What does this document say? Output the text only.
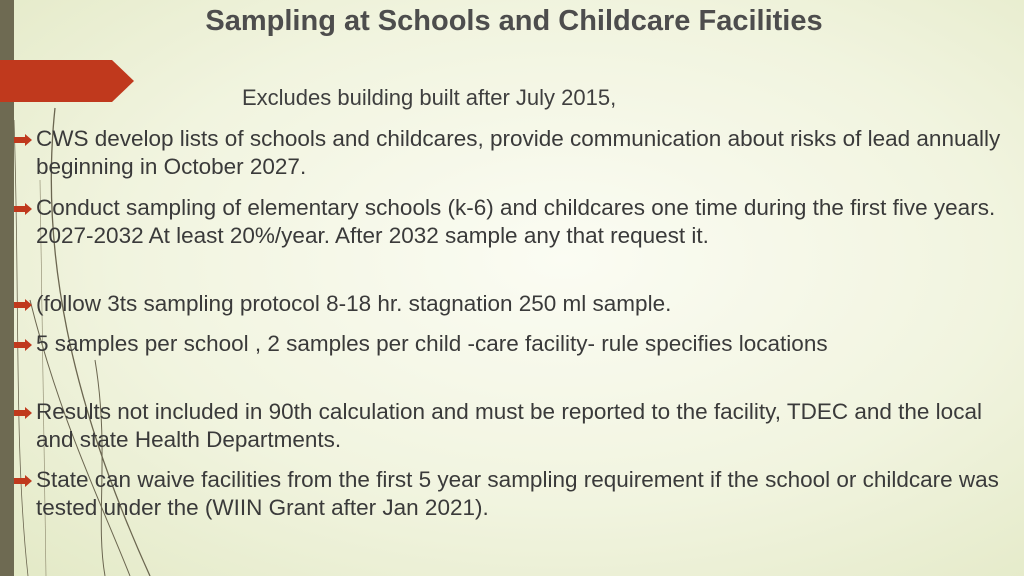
Sampling at Schools and Childcare Facilities
Excludes building built after July 2015,
CWS develop lists of schools and childcares, provide communication about risks of lead annually beginning in October 2027.
Conduct sampling of elementary schools (k-6) and childcares one time during the first five years. 2027-2032 At least 20%/year. After 2032 sample any that request it.
(follow 3ts sampling protocol 8-18 hr. stagnation 250 ml sample.
5 samples per school , 2 samples per child -care facility- rule specifies locations
Results not included in 90th calculation and must be reported to the facility, TDEC and the local and state Health Departments.
State can waive facilities from the first 5 year sampling requirement if the school or childcare was tested under the (WIIN Grant after Jan 2021).
